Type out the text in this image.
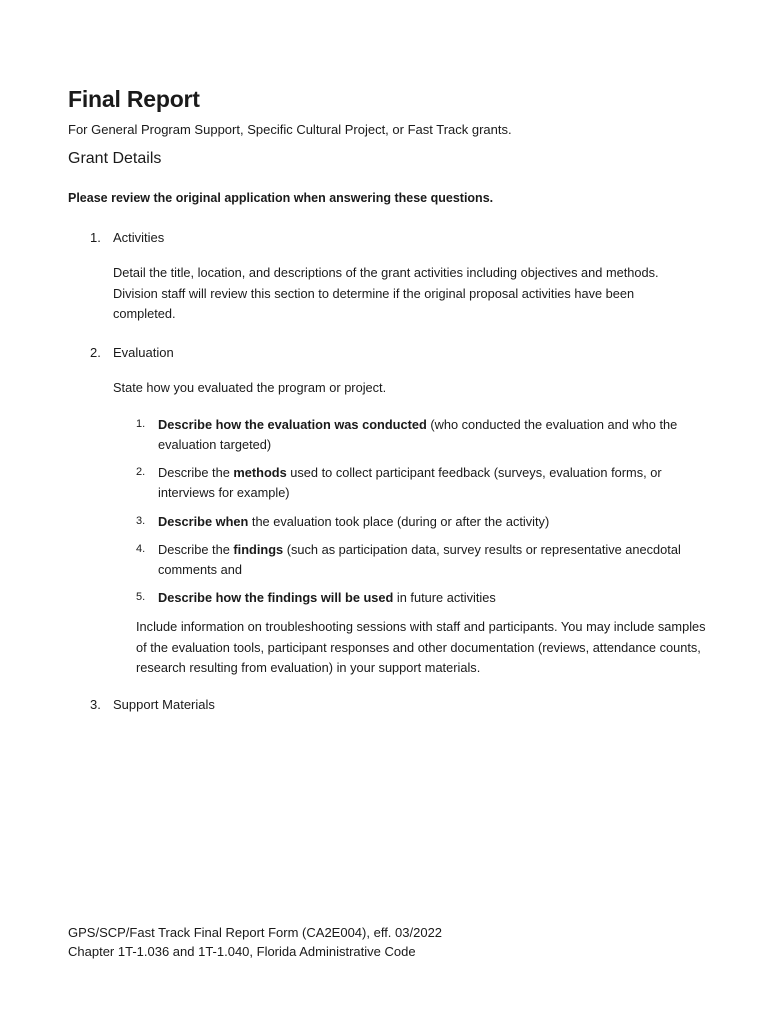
Final Report
For General Program Support, Specific Cultural Project, or Fast Track grants.
Grant Details
Please review the original application when answering these questions.
1. Activities
Detail the title, location, and descriptions of the grant activities including objectives and methods. Division staff will review this section to determine if the original proposal activities have been completed.
2. Evaluation
State how you evaluated the program or project.
1. Describe how the evaluation was conducted (who conducted the evaluation and who the evaluation targeted)
2. Describe the methods used to collect participant feedback (surveys, evaluation forms, or interviews for example)
3. Describe when the evaluation took place (during or after the activity)
4. Describe the findings (such as participation data, survey results or representative anecdotal comments and
5. Describe how the findings will be used in future activities
Include information on troubleshooting sessions with staff and participants. You may include samples of the evaluation tools, participant responses and other documentation (reviews, attendance counts, research resulting from evaluation) in your support materials.
3. Support Materials
GPS/SCP/Fast Track Final Report Form (CA2E004), eff. 03/2022
Chapter 1T-1.036 and 1T-1.040, Florida Administrative Code
